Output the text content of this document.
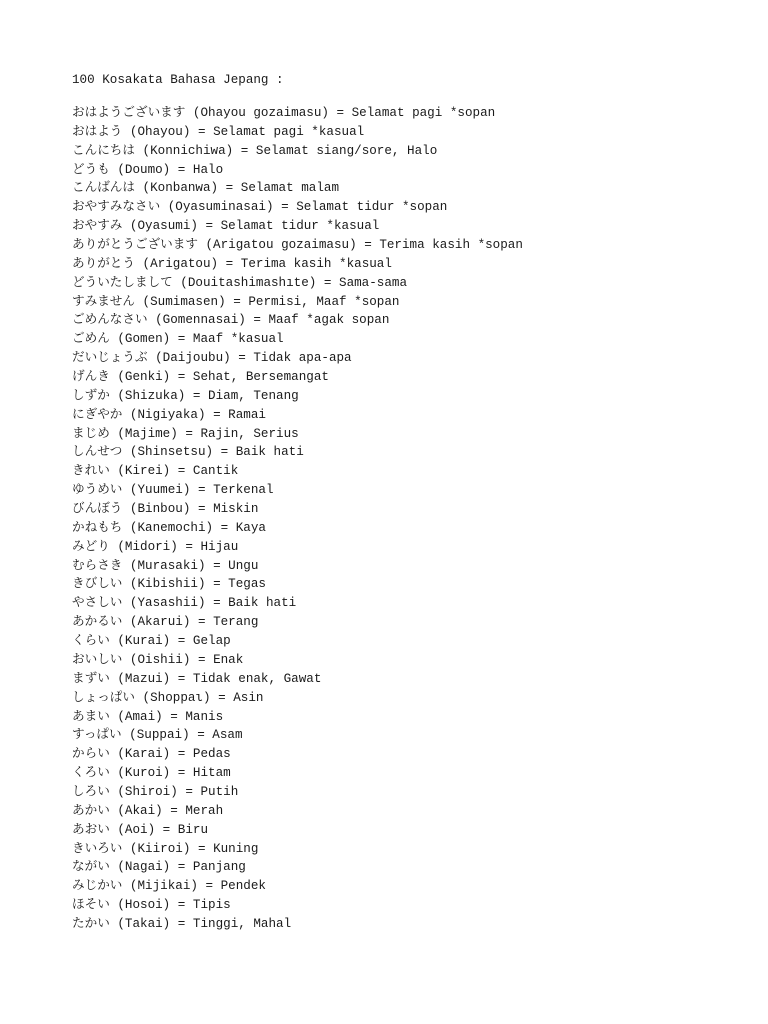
100 Kosakata Bahasa Jepang :
おはようございます (Ohayou gozaimasu) = Selamat pagi *sopan
おはよう (Ohayou) = Selamat pagi *kasual
こんにちは (Konnichiwa) = Selamat siang/sore, Halo
どうも (Doumo) = Halo
こんばんは (Konbanwa) = Selamat malam
おやすみなさい (Oyasuminasai) = Selamat tidur *sopan
おやすみ (Oyasumi) = Selamat tidur *kasual
ありがとうございます (Arigatou gozaimasu) = Terima kasih *sopan
ありがとう (Arigatou) = Terima kasih *kasual
どういたしまして (Douitashimashıte) = Sama-sama
すみません (Sumimasen) = Permisi, Maaf *sopan
ごめんなさい (Gomennasai) = Maaf *agak sopan
ごめん (Gomen) = Maaf *kasual
だいじょうぶ (Daijoubu) = Tidak apa-apa
げんき (Genki) = Sehat, Bersemangat
しずか (Shizuka) = Diam, Tenang
にぎやか (Nigiyaka) = Ramai
まじめ (Majime) = Rajin, Serius
しんせつ (Shinsetsu) = Baik hati
きれい (Kirei) = Cantik
ゆうめい (Yuumei) = Terkenal
びんぼう (Binbou) = Miskin
かねもち (Kanemochi) = Kaya
みどり (Midori) = Hijau
むらさき (Murasaki) = Ungu
きびしい (Kibishii) = Tegas
やさしい (Yasashii) = Baik hati
あかるい (Akarui) = Terang
くらい (Kurai) = Gelap
おいしい (Oishii) = Enak
まずい (Mazui) = Tidak enak, Gawat
しょっぱい (Shoppaι) = Asin
あまい (Amai) = Manis
すっぱい (Suppai) = Asam
からい (Karai) = Pedas
くろい (Kuroi) = Hitam
しろい (Shiroi) = Putih
あかい (Akai) = Merah
あおい (Aoi) = Biru
きいろい (Kiiroi) = Kuning
ながい (Nagai) = Panjang
みじかい (Mijikai) = Pendek
ほそい (Hosoi) = Tipis
たかい (Takai) = Tinggi, Mahal
